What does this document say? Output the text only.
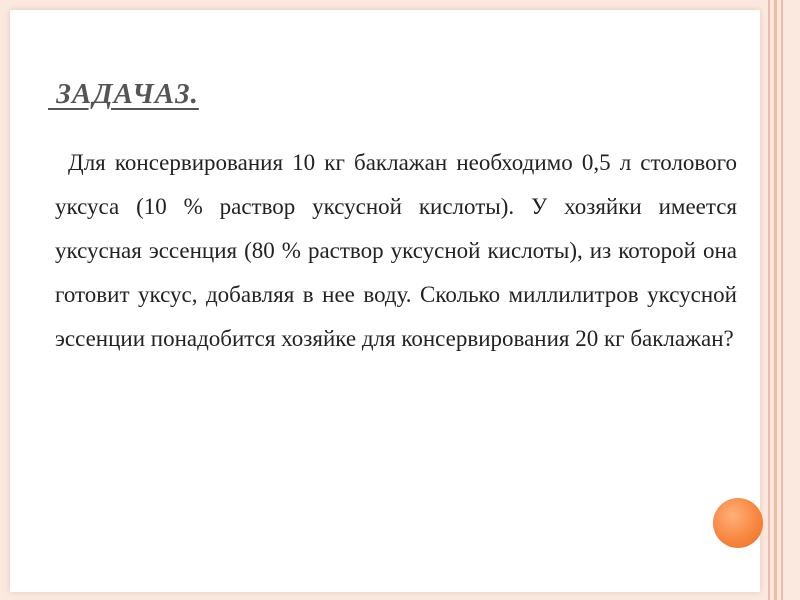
ЗАДАЧА3.

Для консервирования 10 кг баклажан необходимо 0,5 л столового уксуса (10 % раствор уксусной кислоты). У хозяйки имеется уксусная эссенция (80 % раствор уксусной кислоты), из которой она готовит уксус, добавляя в нее воду. Сколько миллилитров уксусной эссенции понадобится хозяйке для консервирования 20 кг баклажан?
